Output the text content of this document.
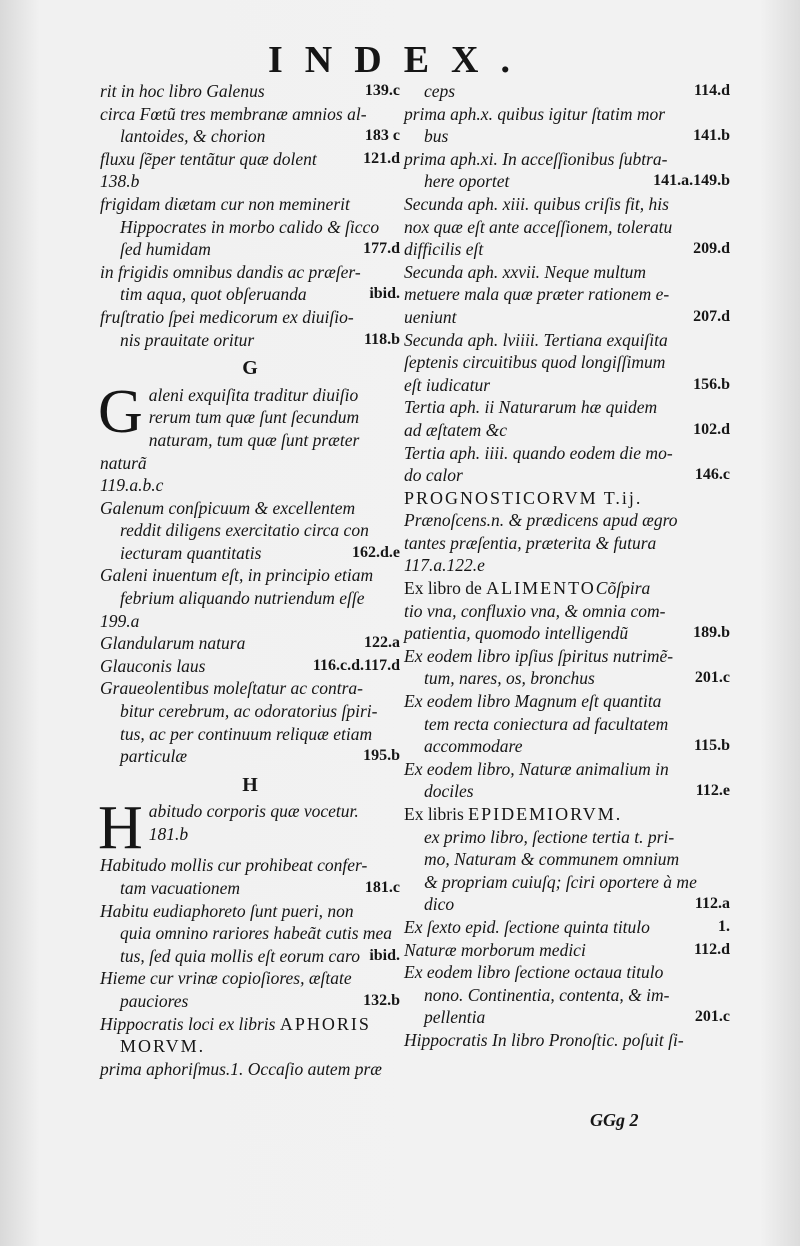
INDEX.
139.c
rit in hoc libro Galenus
circa Fœtũ tres membranæ amnios al-
183 c
lantoides, & chorion
121.d
fluxu ſẽper tentãtur quæ dolent
138.b
frigidam diætam cur non meminerit
Hippocrates in morbo calido & ſicco
177.d
ſed humidam
in frigidis omnibus dandis ac præſer-
ibid.
tim aqua, quot obſeruanda
fruſtratio ſpei medicorum ex diuiſio-
118.b
nis prauitate oritur
G
G aleni exquiſita traditur diuiſio
rerum tum quæ ſunt ſecundum
naturam, tum quæ ſunt præter naturã
119.a.b.c
Galenum conſpicuum & excellentem
reddit diligens exercitatio circa con
162.d.e
iecturam quantitatis
Galeni inuentum eſt, in principio etiam
febrium aliquando nutriendum eſſe
199.a
122.a
Glandularum natura
116.c.d.117.d
Glauconis laus
Graueolentibus moleſtatur ac contra-
bitur cerebrum, ac odoratorius ſpiri-
tus, ac per continuum reliquæ etiam
195.b
particulæ
H
H abitudo corporis quæ vocetur.
181.b
Habitudo mollis cur prohibeat confer-
181.c
tam vacuationem
Habitu eudiaphoreto ſunt pueri, non
quia omnino rariores habeãt cutis mea
ibid.
tus, ſed quia mollis eſt eorum caro
Hieme cur vrinæ copioſiores, æſtate
132.b
pauciores
Hippocratis loci ex libris APHORIS
MORVM.
prima aphoriſmus.1. Occaſio autem præ
114.d
ceps
prima aph.x. quibus igitur ſtatim mor
141.b
bus
prima aph.xi. In acceſſionibus ſubtra-
141.a.149.b
here oportet
Secunda aph. xiii. quibus criſis fit, his
nox quæ eſt ante acceſſionem, toleratu
209.d
difficilis eſt
Secunda aph. xxvii. Neque multum
metuere mala quæ præter rationem e-
207.d
ueniunt
Secunda aph. lviiii. Tertiana exquiſita
ſeptenis circuitibus quod longiſſimum
156.b
eſt iudicatur
Tertia aph. ii Naturarum hæ quidem
102.d
ad æſtatem &c
Tertia aph. iiii. quando eodem die mo-
146.c
do calor
PROGNOSTICORVM T.ij.
Prænoſcens.n. & prædicens apud ægro
tantes præſentia, præterita & futura
117.a.122.e
Ex libro de ALIMENTOCõſpira
tio vna, confluxio vna, & omnia com-
189.b
patientia, quomodo intelligendũ
Ex eodem libro ipſius ſpiritus nutrimẽ-
201.c
tum, nares, os, bronchus
Ex eodem libro Magnum eſt quantita
tem recta coniectura ad facultatem
115.b
accommodare
Ex eodem libro, Naturæ animalium in
112.e
dociles
Ex libris EPIDEMIORVM.
ex primo libro, ſectione tertia t. pri-
mo, Naturam & communem omnium
& propriam cuiuſq; ſciri oportere à me
112.a
dico
1.
Ex ſexto epid. ſectione quinta titulo
112.d
Naturæ morborum medici
Ex eodem libro ſectione octaua titulo
nono. Continentia, contenta, & im-
201.c
pellentia
Hippocratis In libro Pronoſtic. poſuit ſi-
GGg 2
